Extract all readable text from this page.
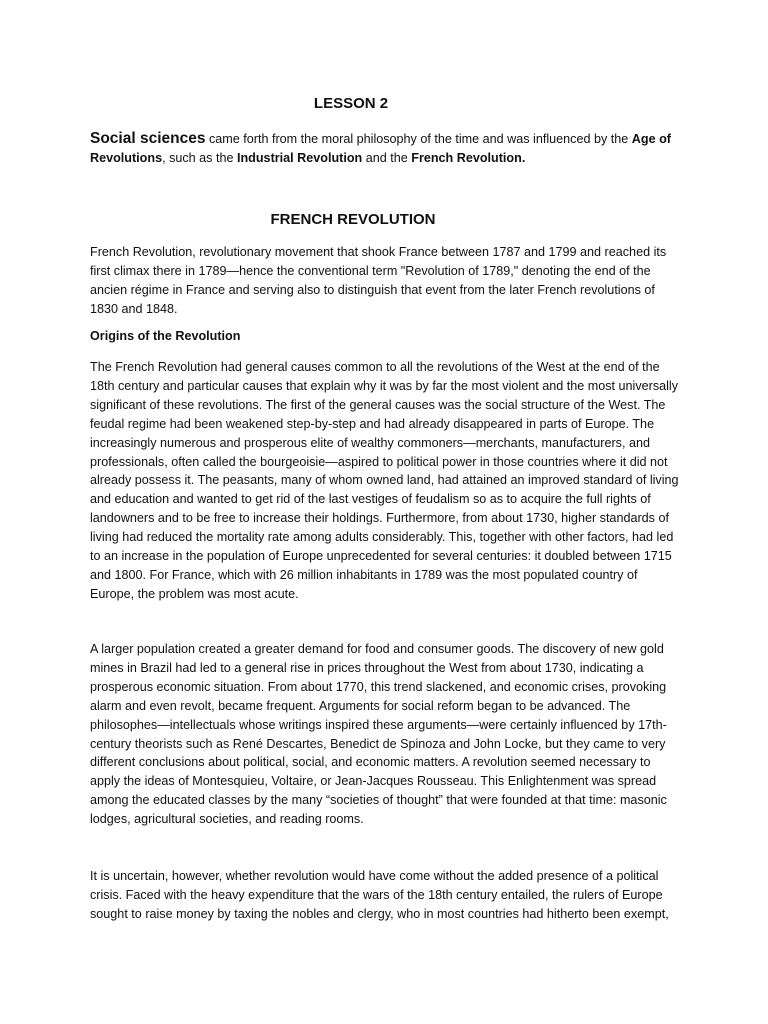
LESSON 2

Social sciences came forth from the moral philosophy of the time and was influenced by the Age of Revolutions, such as the Industrial Revolution and the French Revolution.

FRENCH REVOLUTION

French Revolution, revolutionary movement that shook France between 1787 and 1799 and reached its first climax there in 1789—hence the conventional term "Revolution of 1789," denoting the end of the ancien régime in France and serving also to distinguish that event from the later French revolutions of 1830 and 1848.

Origins of the Revolution

The French Revolution had general causes common to all the revolutions of the West at the end of the 18th century and particular causes that explain why it was by far the most violent and the most universally significant of these revolutions. The first of the general causes was the social structure of the West. The feudal regime had been weakened step-by-step and had already disappeared in parts of Europe. The increasingly numerous and prosperous elite of wealthy commoners—merchants, manufacturers, and professionals, often called the bourgeoisie—aspired to political power in those countries where it did not already possess it. The peasants, many of whom owned land, had attained an improved standard of living and education and wanted to get rid of the last vestiges of feudalism so as to acquire the full rights of landowners and to be free to increase their holdings. Furthermore, from about 1730, higher standards of living had reduced the mortality rate among adults considerably. This, together with other factors, had led to an increase in the population of Europe unprecedented for several centuries: it doubled between 1715 and 1800. For France, which with 26 million inhabitants in 1789 was the most populated country of Europe, the problem was most acute.

A larger population created a greater demand for food and consumer goods. The discovery of new gold mines in Brazil had led to a general rise in prices throughout the West from about 1730, indicating a prosperous economic situation. From about 1770, this trend slackened, and economic crises, provoking alarm and even revolt, became frequent. Arguments for social reform began to be advanced. The philosophes—intellectuals whose writings inspired these arguments—were certainly influenced by 17th-century theorists such as René Descartes, Benedict de Spinoza and John Locke, but they came to very different conclusions about political, social, and economic matters. A revolution seemed necessary to apply the ideas of Montesquieu, Voltaire, or Jean-Jacques Rousseau. This Enlightenment was spread among the educated classes by the many “societies of thought” that were founded at that time: masonic lodges, agricultural societies, and reading rooms.

It is uncertain, however, whether revolution would have come without the added presence of a political crisis. Faced with the heavy expenditure that the wars of the 18th century entailed, the rulers of Europe sought to raise money by taxing the nobles and clergy, who in most countries had hitherto been exempt,
